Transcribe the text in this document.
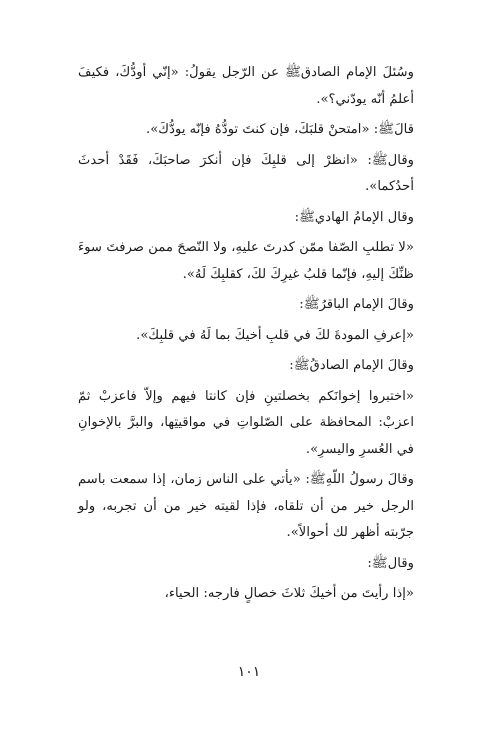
وسُئلَ الإمام الصادقﷺ عن الرّجل يقولُ: «إنّي أودُّكَ، فكيفَ أعلمُ أنّه يودّني؟».

قالَﷺ: «امتحنْ قلبَكَ، فإن كنتَ تودُّهُ فإنّه يودُّكَ».

وقالﷺ: «انظرْ إلى قلبِكَ فإن أنكرَ صاحبَكَ، فَقَدْ أحدثَ أحدُكما».

وقال الإمامُ الهاديﷺ:

«لا تطلبِ الصّفا ممّن كدرتَ عليهِ، ولا النّصحَ ممن صرفتَ سوءَ ظنِّكَ إليهِ، فإنّما قلبُ غيرِكَ لكَ، كقلبِكَ لَهُ».

وقالَ الإمام الباقرُﷺ:

«إعرفِ المودةَ لكَ في قلبِ أخيكَ بما لَهُ في قلبِكَ».

وقالَ الإمام الصادقُﷺ:

«اختبروا إخوانَكم بخصلتينِ فإن كانتا فيهم وإلاّ فاعزبْ ثمّ اعزبْ: المحافظة على الصّلواتِ في مواقيتِها، والبرَّ بالإخوانِ في العُسرِ واليسرِ».

وقالَ رسولُ اللّهِﷺ: «يأتي على الناس زمان، إذا سمعت باسم الرجل خير من أن تلقاه، فإذا لقيته خير من أن تجربه، ولو جرّبته أظهر لك أحوالاً».

وقالﷺ:

«إذا رأيتَ من أخيكَ ثلاثَ خصالٍ فارجه: الحياء،

١٠١
